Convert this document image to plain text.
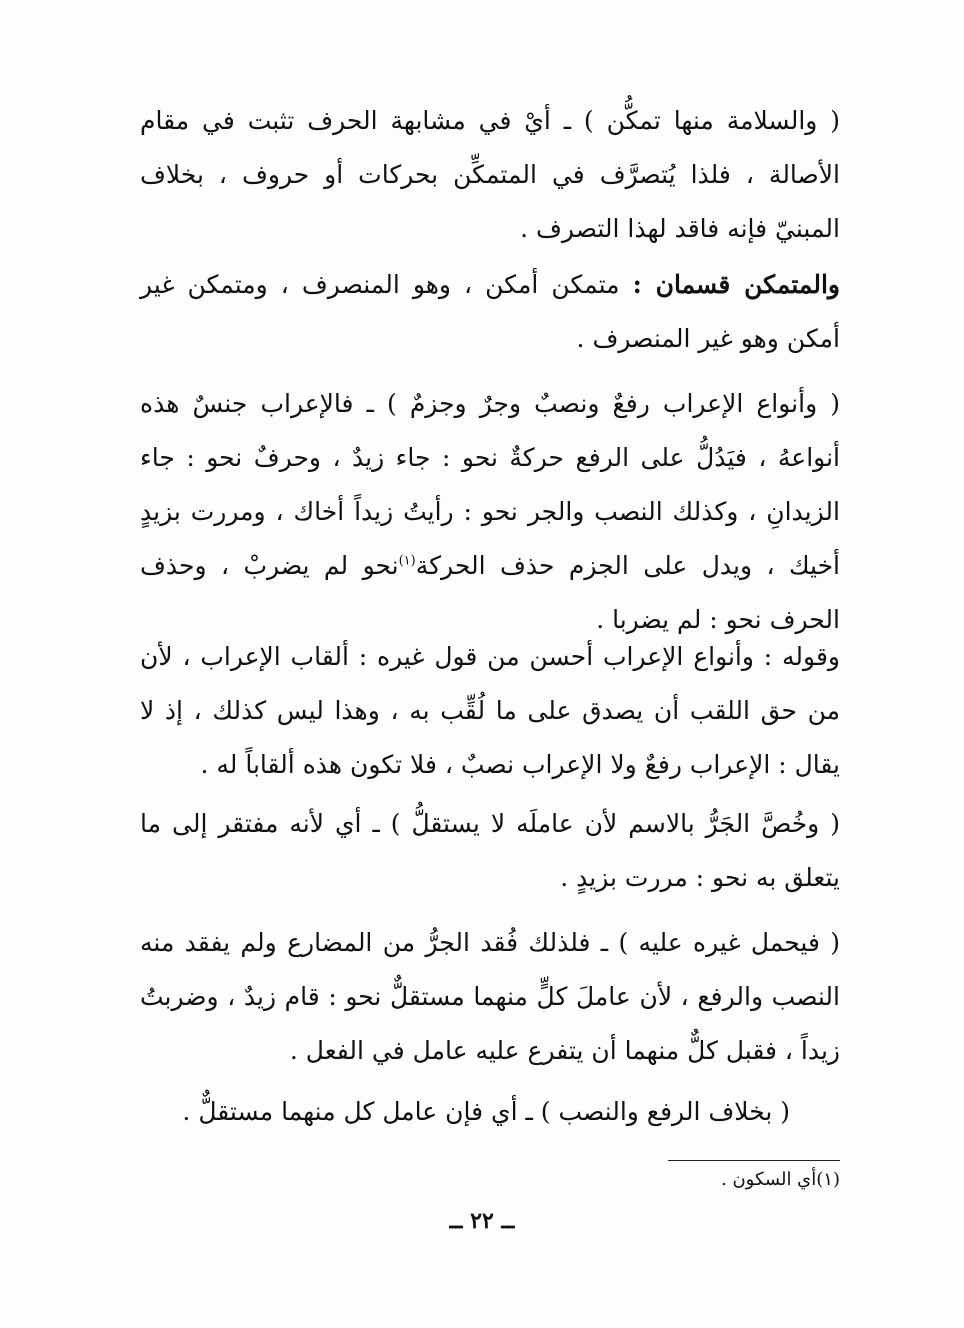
( والسلامة منها تمكُّن ) ـ أيْ في مشابهة الحرف تثبت في مقام الأصالة ، فلذا يُتصرَّف في المتمكِّن بحركات أو حروف ، بخلاف المبنيّ فإنه فاقد لهذا التصرف .

والمتمكن قسمان : متمكن أمكن ، وهو المنصرف ، ومتمكن غير أمكن وهو غير المنصرف .

( وأنواع الإعراب رفعٌ ونصبٌ وجرٌ وجزمٌ ) ـ فالإعراب جنسٌ هذه أنواعهُ ، فيَدُلُّ على الرفع حركةٌ نحو : جاء زيدٌ ، وحرفٌ نحو : جاء الزيدانِ ، وكذلك النصب والجر نحو : رأيتُ زيداً أخاك ، ومررت بزيدٍ أخيك ، ويدل على الجزم حذف الحركة$^{(١)}$نحو لم يضربْ ، وحذف الحرف نحو : لم يضربا .

وقوله : وأنواع الإعراب أحسن من قول غيره : ألقاب الإعراب ، لأن من حق اللقب أن يصدق على ما لُقِّب به ، وهذا ليس كذلك ، إذ لا يقال : الإعراب رفعٌ ولا الإعراب نصبٌ ، فلا تكون هذه ألقاباً له .

( وخُصَّ الجَرُّ بالاسم لأن عاملَه لا يستقلُّ ) ـ أي لأنه مفتقر إلى ما يتعلق به نحو : مررت بزيدٍ .

( فيحمل غيره عليه ) ـ فلذلك فُقد الجرُّ من المضارع ولم يفقد منه النصب والرفع ، لأن عاملَ كلٍّ منهما مستقلٌّ نحو : قام زيدٌ ، وضربتُ زيداً ، فقبل كلٌّ منهما أن يتفرع عليه عامل في الفعل .

( بخلاف الرفع والنصب ) ـ أي فإن عامل كل منهما مستقلٌّ .

(١)أي السكون .
ــ ٢٢ ــ
